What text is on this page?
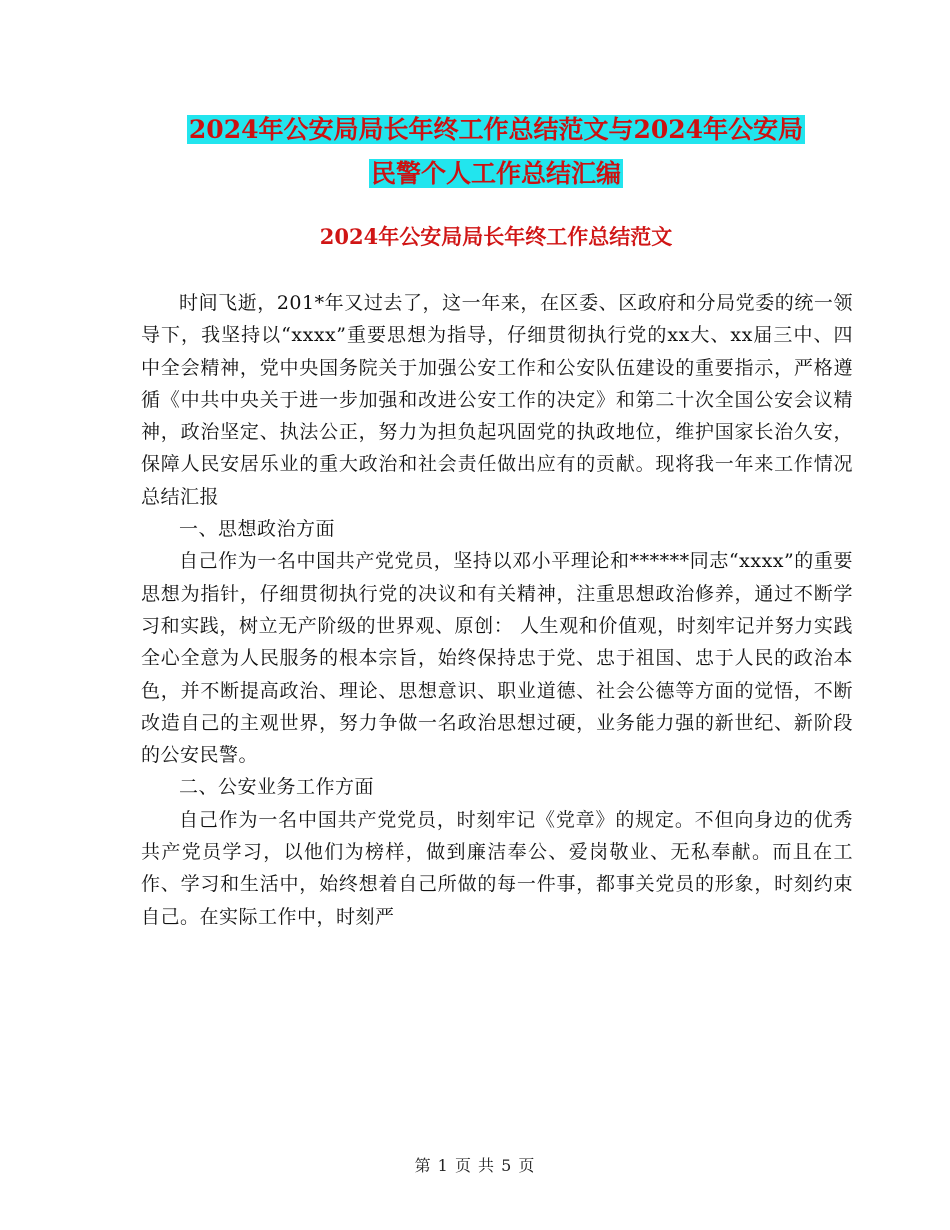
2024年公安局局长年终工作总结范文与2024年公安局
民警个人工作总结汇编
2024年公安局局长年终工作总结范文

时间飞逝，201*年又过去了，这一年来，在区委、区政府和分局党委的统一领导下，我坚持以“xxxx”重要思想为指导，仔细贯彻执行党的xx大、xx届三中、四中全会精神，党中央国务院关于加强公安工作和公安队伍建设的重要指示，严格遵循《中共中央关于进一步加强和改进公安工作的决定》和第二十次全国公安会议精神，政治坚定、执法公正，努力为担负起巩固党的执政地位，维护国家长治久安，保障人民安居乐业的重大政治和社会责任做出应有的贡献。现将我一年来工作情况总结汇报

一、思想政治方面

自己作为一名中国共产党党员，坚持以邓小平理论和******同志“xxxx”的重要思想为指针，仔细贯彻执行党的决议和有关精神，注重思想政治修养，通过不断学习和实践，树立无产阶级的世界观、原创： 人生观和价值观，时刻牢记并努力实践全心全意为人民服务的根本宗旨，始终保持忠于党、忠于祖国、忠于人民的政治本色，并不断提高政治、理论、思想意识、职业道德、社会公德等方面的觉悟，不断改造自己的主观世界，努力争做一名政治思想过硬，业务能力强的新世纪、新阶段的公安民警。

二、公安业务工作方面

自己作为一名中国共产党党员，时刻牢记《党章》的规定。不但向身边的优秀共产党员学习，以他们为榜样，做到廉洁奉公、爱岗敬业、无私奉献。而且在工作、学习和生活中，始终想着自己所做的每一件事，都事关党员的形象，时刻约束自己。在实际工作中，时刻严

第 1 页 共 5 页
